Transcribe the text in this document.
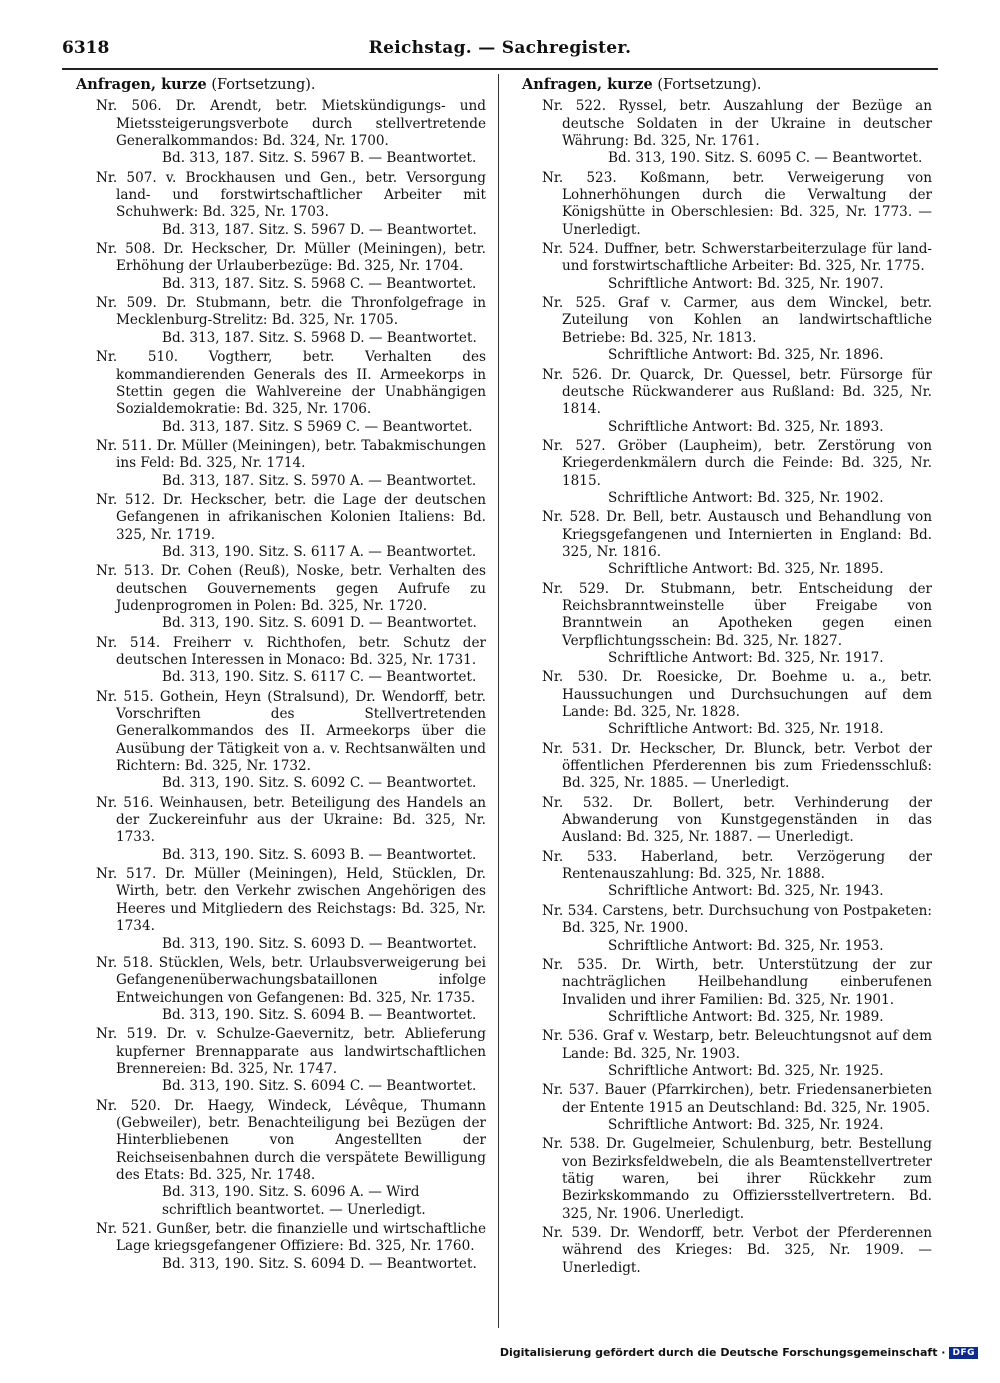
6318	Reichstag. — Sachregister.
Anfragen, kurze (Fortsetzung).
Nr. 506. Dr. Arendt, betr. Mietskündigungs- und Mietssteigerungsverbote durch stellvertretende Generalkommandos: Bd. 324, Nr. 1700.
Bd. 313, 187. Sitz. S. 5967 B. — Beantwortet.
Nr. 507. v. Brockhausen und Gen., betr. Versorgung land- und forstwirtschaftlicher Arbeiter mit Schuhwerk: Bd. 325, Nr. 1703.
Bd. 313, 187. Sitz. S. 5967 D. — Beantwortet.
Nr. 508. Dr. Heckscher, Dr. Müller (Meiningen), betr. Erhöhung der Urlauberbezüge: Bd. 325, Nr. 1704.
Bd. 313, 187. Sitz. S. 5968 C. — Beantwortet.
Nr. 509. Dr. Stubmann, betr. die Thronfolgefrage in Mecklenburg-Strelitz: Bd. 325, Nr. 1705.
Bd. 313, 187. Sitz. S. 5968 D. — Beantwortet.
Nr. 510. Vogtherr, betr. Verhalten des kommandierenden Generals des II. Armeekorps in Stettin gegen die Wahlvereine der Unabhängigen Sozialdemokratie: Bd. 325, Nr. 1706.
Bd. 313, 187. Sitz. S 5969 C. — Beantwortet.
Nr. 511. Dr. Müller (Meiningen), betr. Tabakmischungen ins Feld: Bd. 325, Nr. 1714.
Bd. 313, 187. Sitz. S. 5970 A. — Beantwortet.
Nr. 512. Dr. Heckscher, betr. die Lage der deutschen Gefangenen in afrikanischen Kolonien Italiens: Bd. 325, Nr. 1719.
Bd. 313, 190. Sitz. S. 6117 A. — Beantwortet.
Nr. 513. Dr. Cohen (Reuß), Noske, betr. Verhalten des deutschen Gouvernements gegen Aufrufe zu Judenprogromen in Polen: Bd. 325, Nr. 1720.
Bd. 313, 190. Sitz. S. 6091 D. — Beantwortet.
Nr. 514. Freiherr v. Richthofen, betr. Schutz der deutschen Interessen in Monaco: Bd. 325, Nr. 1731.
Bd. 313, 190. Sitz. S. 6117 C. — Beantwortet.
Nr. 515. Gothein, Heyn (Stralsund), Dr. Wendorff, betr. Vorschriften des Stellvertretenden Generalkommandos des II. Armeekorps über die Ausübung der Tätigkeit von a. v. Rechtsanwälten und Richtern: Bd. 325, Nr. 1732.
Bd. 313, 190. Sitz. S. 6092 C. — Beantwortet.
Nr. 516. Weinhausen, betr. Beteiligung des Handels an der Zuckereinfuhr aus der Ukraine: Bd. 325, Nr. 1733.
Bd. 313, 190. Sitz. S. 6093 B. — Beantwortet.
Nr. 517. Dr. Müller (Meiningen), Held, Stücklen, Dr. Wirth, betr. den Verkehr zwischen Angehörigen des Heeres und Mitgliedern des Reichstags: Bd. 325, Nr. 1734.
Bd. 313, 190. Sitz. S. 6093 D. — Beantwortet.
Nr. 518. Stücklen, Wels, betr. Urlaubsverweigerung bei Gefangenenüberwachungsbataillonen infolge Entweichungen von Gefangenen: Bd. 325, Nr. 1735.
Bd. 313, 190. Sitz. S. 6094 B. — Beantwortet.
Nr. 519. Dr. v. Schulze-Gaevernitz, betr. Ablieferung kupferner Brennapparate aus landwirtschaftlichen Brennereien: Bd. 325, Nr. 1747.
Bd. 313, 190. Sitz. S. 6094 C. — Beantwortet.
Nr. 520. Dr. Haegy, Windeck, Lévêque, Thumann (Gebweiler), betr. Benachteiligung bei Bezügen der Hinterbliebenen von Angestellten der Reichseisenbahnen durch die verspätete Bewilligung des Etats: Bd. 325, Nr. 1748.
Bd. 313, 190. Sitz. S. 6096 A. — Wird schriftlich beantwortet. — Unerledigt.
Nr. 521. Gunßer, betr. die finanzielle und wirtschaftliche Lage kriegsgefangener Offiziere: Bd. 325, Nr. 1760.
Bd. 313, 190. Sitz. S. 6094 D. — Beantwortet.
Anfragen, kurze (Fortsetzung).
Nr. 522. Ryssel, betr. Auszahlung der Bezüge an deutsche Soldaten in der Ukraine in deutscher Währung: Bd. 325, Nr. 1761.
Bd. 313, 190. Sitz. S. 6095 C. — Beantwortet.
Nr. 523. Koßmann, betr. Verweigerung von Lohnerhöhungen durch die Verwaltung der Königshütte in Oberschlesien: Bd. 325, Nr. 1773. — Unerledigt.
Nr. 524. Duffner, betr. Schwerstarbeiterzulage für land- und forstwirtschaftliche Arbeiter: Bd. 325, Nr. 1775.
Schriftliche Antwort: Bd. 325, Nr. 1907.
Nr. 525. Graf v. Carmer, aus dem Winckel, betr. Zuteilung von Kohlen an landwirtschaftliche Betriebe: Bd. 325, Nr. 1813.
Schriftliche Antwort: Bd. 325, Nr. 1896.
Nr. 526. Dr. Quarck, Dr. Quessel, betr. Fürsorge für deutsche Rückwanderer aus Rußland: Bd. 325, Nr. 1814.
Schriftliche Antwort: Bd. 325, Nr. 1893.
Nr. 527. Gröber (Laupheim), betr. Zerstörung von Kriegerdenkmälern durch die Feinde: Bd. 325, Nr. 1815.
Schriftliche Antwort: Bd. 325, Nr. 1902.
Nr. 528. Dr. Bell, betr. Austausch und Behandlung von Kriegsgefangenen und Internierten in England: Bd. 325, Nr. 1816.
Schriftliche Antwort: Bd. 325, Nr. 1895.
Nr. 529. Dr. Stubmann, betr. Entscheidung der Reichsbranntweinstelle über Freigabe von Branntwein an Apotheken gegen einen Verpflichtungsschein: Bd. 325, Nr. 1827.
Schriftliche Antwort: Bd. 325, Nr. 1917.
Nr. 530. Dr. Roesicke, Dr. Boehme u. a., betr. Haussuchungen und Durchsuchungen auf dem Lande: Bd. 325, Nr. 1828.
Schriftliche Antwort: Bd. 325, Nr. 1918.
Nr. 531. Dr. Heckscher, Dr. Blunck, betr. Verbot der öffentlichen Pferderennen bis zum Friedensschluß: Bd. 325, Nr. 1885. — Unerledigt.
Nr. 532. Dr. Bollert, betr. Verhinderung der Abwanderung von Kunstgegenständen in das Ausland: Bd. 325, Nr. 1887. — Unerledigt.
Nr. 533. Haberland, betr. Verzögerung der Rentenauszahlung: Bd. 325, Nr. 1888.
Schriftliche Antwort: Bd. 325, Nr. 1943.
Nr. 534. Carstens, betr. Durchsuchung von Postpaketen: Bd. 325, Nr. 1900.
Schriftliche Antwort: Bd. 325, Nr. 1953.
Nr. 535. Dr. Wirth, betr. Unterstützung der zur nachträglichen Heilbehandlung einberufenen Invaliden und ihrer Familien: Bd. 325, Nr. 1901.
Schriftliche Antwort: Bd. 325, Nr. 1989.
Nr. 536. Graf v. Westarp, betr. Beleuchtungsnot auf dem Lande: Bd. 325, Nr. 1903.
Schriftliche Antwort: Bd. 325, Nr. 1925.
Nr. 537. Bauer (Pfarrkirchen), betr. Friedensanerbieten der Entente 1915 an Deutschland: Bd. 325, Nr. 1905.
Schriftliche Antwort: Bd. 325, Nr. 1924.
Nr. 538. Dr. Gugelmeier, Schulenburg, betr. Bestellung von Bezirksfeldwebeln, die als Beamtenstellvertreter tätig waren, bei ihrer Rückkehr zum Bezirkskommando zu Offiziersstellvertretern. Bd. 325, Nr. 1906. Unerledigt.
Nr. 539. Dr. Wendorff, betr. Verbot der Pferderennen während des Krieges: Bd. 325, Nr. 1909. — Unerledigt.
Digitalisierung gefördert durch die Deutsche Forschungsgemeinschaft · DFG
